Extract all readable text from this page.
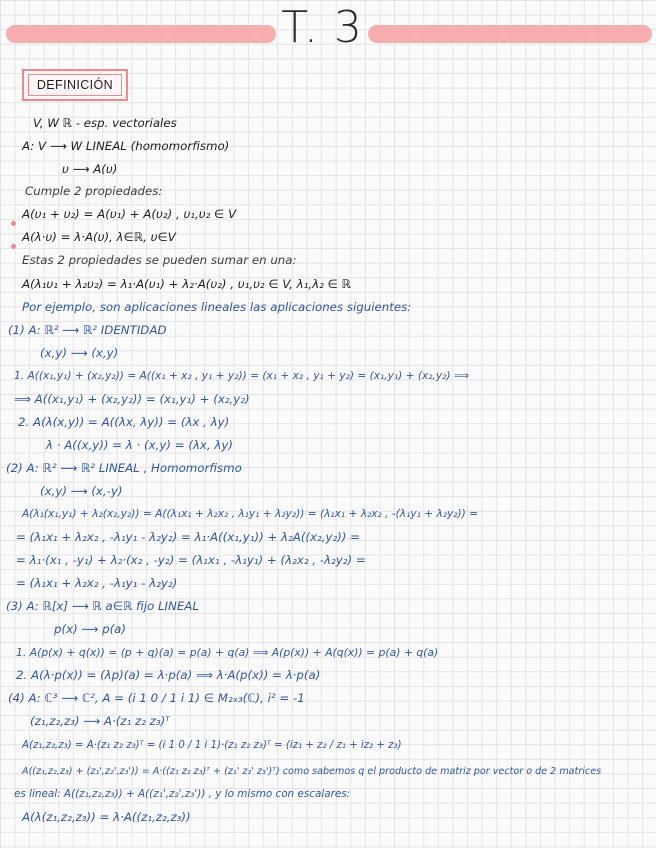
T. 3
DEFINICIÓN
V, W ℝ - esp. vectoriales
A: V ⟶ W LINEAL (homomorfismo)
υ ⟶ A(υ)
Cumple 2 propiedades:
A(υ₁ + υ₂) = A(υ₁) + A(υ₂) , υ₁,υ₂ ∈ V
A(λ·υ) = λ·A(υ), λ∈ℝ, υ∈V
Estas 2 propiedades se pueden sumar en una:
A(λ₁υ₁ + λ₂υ₂) = λ₁·A(υ₁) + λ₂·A(υ₂) , υ₁,υ₂ ∈ V, λ₁,λ₂ ∈ ℝ
Por ejemplo, son aplicaciones lineales las aplicaciones siguientes:
(1) A: ℝ² ⟶ ℝ² IDENTIDAD
(x,y) ⟶ (x,y)
1. A((x₁,y₁) + (x₂,y₂)) = A((x₁ + x₂ , y₁ + y₂)) = (x₁ + x₂ , y₁ + y₂) = (x₁,y₁) + (x₂,y₂) ⟹
⟹ A((x₁,y₁) + (x₂,y₂)) = (x₁,y₁) + (x₂,y₂)
2. A(λ(x,y)) = A((λx, λy)) = (λx , λy)
λ · A((x,y)) = λ · (x,y) = (λx, λy)
(2) A: ℝ² ⟶ ℝ² LINEAL , Homomorfismo
(x,y) ⟶ (x,-y)
A(λ₁(x₁,y₁) + λ₂(x₂,y₂)) = A((λ₁x₁ + λ₂x₂ , λ₁y₁ + λ₂y₂)) = (λ₁x₁ + λ₂x₂ , -(λ₁y₁ + λ₂y₂)) =
= (λ₁x₁ + λ₂x₂ , -λ₁y₁ - λ₂y₂) = λ₁·A((x₁,y₁)) + λ₂A((x₂,y₂)) =
= λ₁·(x₁ , -y₁) + λ₂·(x₂ , -y₂) = (λ₁x₁ , -λ₁y₁) + (λ₂x₂ , -λ₂y₂) =
= (λ₁x₁ + λ₂x₂ , -λ₁y₁ - λ₂y₂)
(3) A: ℝ[x] ⟶ ℝ a∈ℝ fijo LINEAL
p(x) ⟶ p(a)
1. A(p(x) + q(x)) = (p + q)(a) = p(a) + q(a) ⟹ A(p(x)) + A(q(x)) = p(a) + q(a)
2. A(λ·p(x)) = (λp)(a) = λ·p(a) ⟹ λ·A(p(x)) = λ·p(a)
(4) A: ℂ³ ⟶ ℂ², A = (i 1 0 / 1 i 1) ∈ M₂ₓ₃(ℂ), i² = -1
(z₁,z₂,z₃) ⟶ A·(z₁ z₂ z₃)ᵀ
A(z₁,z₂,z₃) = A·(z₁ z₂ z₃)ᵀ = (i 1 0 / 1 i 1)·(z₁ z₂ z₃)ᵀ = (iz₁ + z₂ / z₁ + iz₂ + z₃)
A((z₁,z₂,z₃) + (z₁',z₂',z₃')) = A·((z₁ z₂ z₃)ᵀ + (z₁' z₂' z₃')ᵀ) como sabemos q el producto de matriz por vector o de 2 matrices
es lineal: A((z₁,z₂,z₃)) + A((z₁',z₂',z₃')) , y lo mismo con escalares:
A(λ(z₁,z₂,z₃)) = λ·A((z₁,z₂,z₃))
